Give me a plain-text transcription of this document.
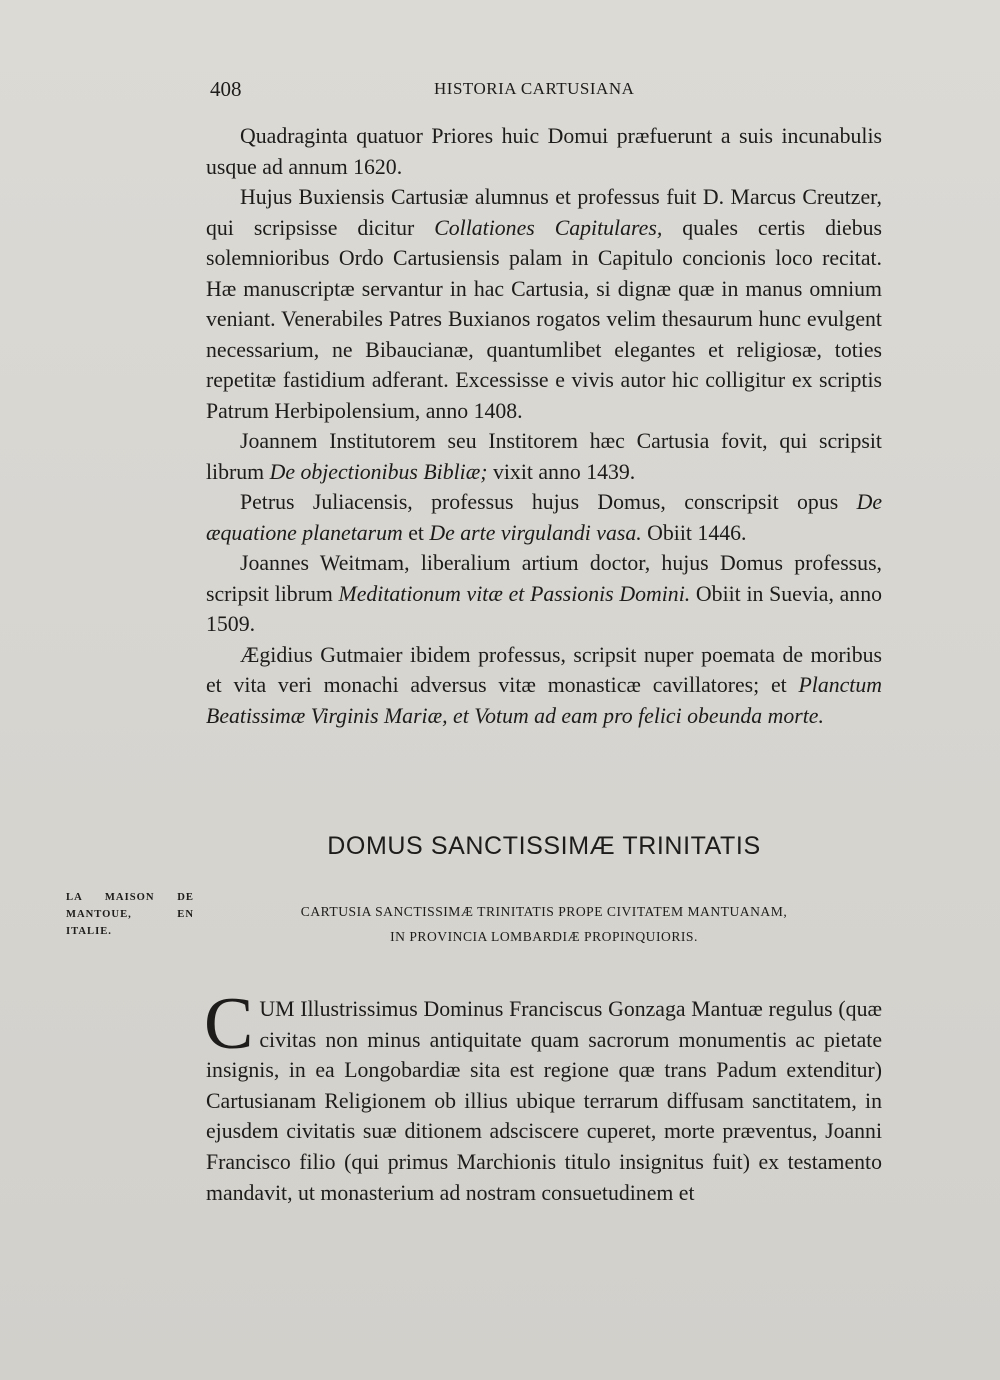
408	HISTORIA CARTUSIANA

Quadraginta quatuor Priores huic Domui præfuerunt a suis incunabulis usque ad annum 1620.

Hujus Buxiensis Cartusiæ alumnus et professus fuit D. Marcus Creutzer, qui scripsisse dicitur Collationes Capitulares, quales certis diebus solemnioribus Ordo Cartusiensis palam in Capitulo concionis loco recitat. Hæ manuscriptæ servantur in hac Cartusia, si dignæ quæ in manus omnium veniant. Venerabiles Patres Buxianos rogatos velim thesaurum hunc evulgent necessarium, ne Bibaucianæ, quantumlibet elegantes et religiosæ, toties repetitæ fastidium adferant. Excessisse e vivis autor hic colligitur ex scriptis Patrum Herbipolensium, anno 1408.

Joannem Institutorem seu Institorem hæc Cartusia fovit, qui scripsit librum De objectionibus Bibliæ; vixit anno 1439.

Petrus Juliacensis, professus hujus Domus, conscripsit opus De æquatione planetarum et De arte virgulandi vasa. Obiit 1446.

Joannes Weitmam, liberalium artium doctor, hujus Domus professus, scripsit librum Meditationum vitæ et Passionis Domini. Obiit in Suevia, anno 1509.

Ægidius Gutmaier ibidem professus, scripsit nuper poemata de moribus et vita veri monachi adversus vitæ monasticæ cavillatores; et Planctum Beatissimæ Virginis Mariæ, et Votum ad eam pro felici obeunda morte.

DOMUS SANCTISSIMÆ TRINITATIS
LA MAISON DE MANTOUE, EN ITALIE.
CARTUSIA SANCTISSIMÆ TRINITATIS PROPE CIVITATEM MANTUANAM,
IN PROVINCIA LOMBARDIÆ PROPINQUIORIS.
C UM Illustrissimus Dominus Franciscus Gonzaga Mantuæ regulus (quæ civitas non minus antiquitate quam sacrorum monumentis ac pietate insignis, in ea Longobardiæ sita est regione quæ trans Padum extenditur) Cartusianam Religionem ob illius ubique terrarum diffusam sanctitatem, in ejusdem civitatis suæ ditionem adsciscere cuperet, morte præventus, Joanni Francisco filio (qui primus Marchionis titulo insignitus fuit) ex testamento mandavit, ut monasterium ad nostram consuetudinem et
